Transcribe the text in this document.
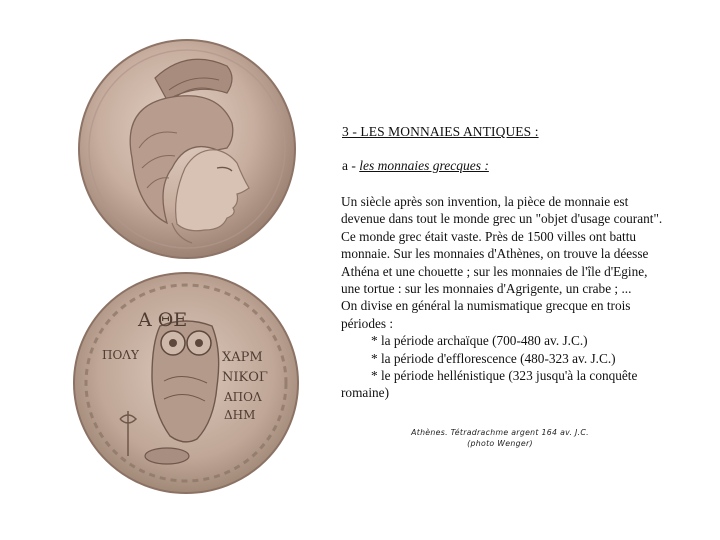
Α ΘΕ
ΠΟΛΥ	ΧΑΡΜ
ΝΙΚΟΓ
ΑΠΟΛ
ΔΗΜ
3 - LES MONNAIES ANTIQUES :
a - les monnaies grecques :

Un siècle après son invention, la pièce de monnaie est devenue dans tout le monde grec un "objet d'usage courant". Ce monde grec était vaste. Près de 1500 villes ont battu monnaie. Sur les monnaies d'Athènes, on trouve la déesse Athéna et une chouette ; sur les monnaies de l'île d'Egine, une tortue : sur les monnaies d'Agrigente, un crabe ; ...

On divise en général la numismatique grecque en trois périodes :

* la période archaïque (700-480 av. J.C.)

* la période d'efflorescence (480-323 av. J.C.)

* le période hellénistique (323 jusqu'à la conquête romaine)

Athènes. Tétradrachme argent 164 av. J.C.
(photo Wenger)
